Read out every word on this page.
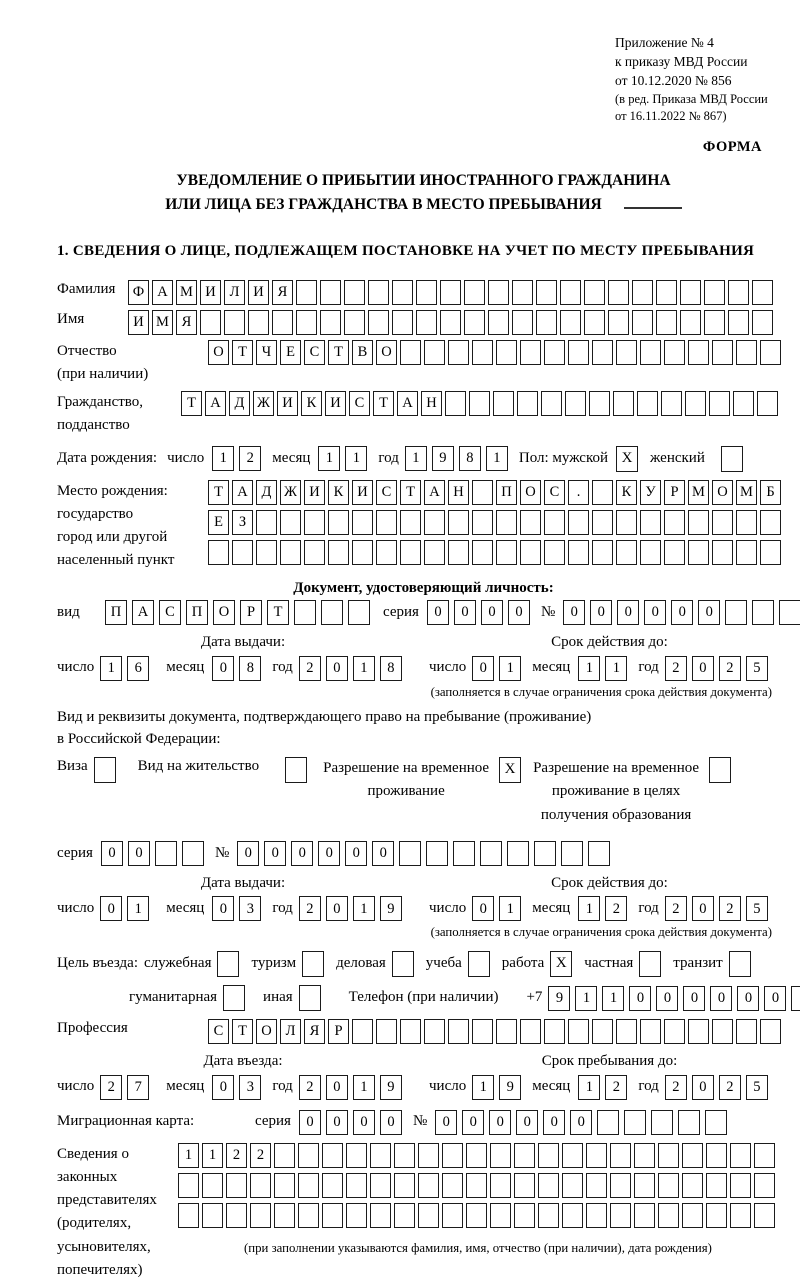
Приложение № 4
к приказу МВД России
от 10.12.2020 № 856
(в ред. Приказа МВД России
от 16.11.2022 № 867)
ФОРМА
УВЕДОМЛЕНИЕ О ПРИБЫТИИ ИНОСТРАННОГО ГРАЖДАНИНА
ИЛИ ЛИЦА БЕЗ ГРАЖДАНСТВА В МЕСТО ПРЕБЫВАНИЯ
1. СВЕДЕНИЯ О ЛИЦЕ, ПОДЛЕЖАЩЕМ ПОСТАНОВКЕ НА УЧЕТ ПО МЕСТУ ПРЕБЫВАНИЯ
Фамилия	Ф А М И Л И Я
Имя	И М Я
Отчество
(при наличии)
О Т	Ч	Е	С	Т	В О
Гражданство,
подданство
Т А Д Ж И К И С	Т А Н
Дата рождения: число	1	2	месяц	1	1	год 1	9	8	1	Пол: мужской X	женский
Место рождения:
государство
город или другой
населенный пункт
Т А Д Ж И К И С	Т А Н	П О С	.	К У	Р М О М Б
Е	З
Документ, удостоверяющий личность:
вид	П	А	С	П	О	Р	Т	серия	0	0	0	0	№	0	0	0	0	0	0
Дата выдачи:
число 1	6	месяц	0	8	год 2	0	1	8
Срок действия до:
число 0	1	месяц	1	1	год 2	0	2	5
(заполняется в случае ограничения срока действия документа)
Вид и реквизиты документа, подтверждающего право на пребывание (проживание)
в Российской Федерации:
Виза	Вид на жительство	Разрешение на временное
проживание
X	Разрешение на временное
проживание в целях
получения образования
серия	0	0	№	0	0	0	0	0	0
Дата выдачи:
число 0	1	месяц	0	3	год 2	0	1	9
Срок действия до:
число 0	1	месяц	1	2	год 2	0	2	5
(заполняется в случае ограничения срока действия документа)
Цель въезда: служебная	туризм	деловая	учеба	работа X	частная	транзит
гуманитарная	иная	Телефон (при наличии) +7 9	1	1	0	0	0	0	0	0
Профессия	С	Т О Л Я	Р
Дата въезда:
число 2	7	месяц	0	3	год 2	0	1	9
Срок пребывания до:
число 1	9	месяц	1	2	год 2	0	2	5
Миграционная карта:	серия	0	0	0	0	№	0	0	0	0	0	0
Сведения о
законных
представителях
(родителях,
усыновителях,
попечителях)
1	1	2	2
(при заполнении указываются фамилия, имя, отчество (при наличии), дата рождения)
